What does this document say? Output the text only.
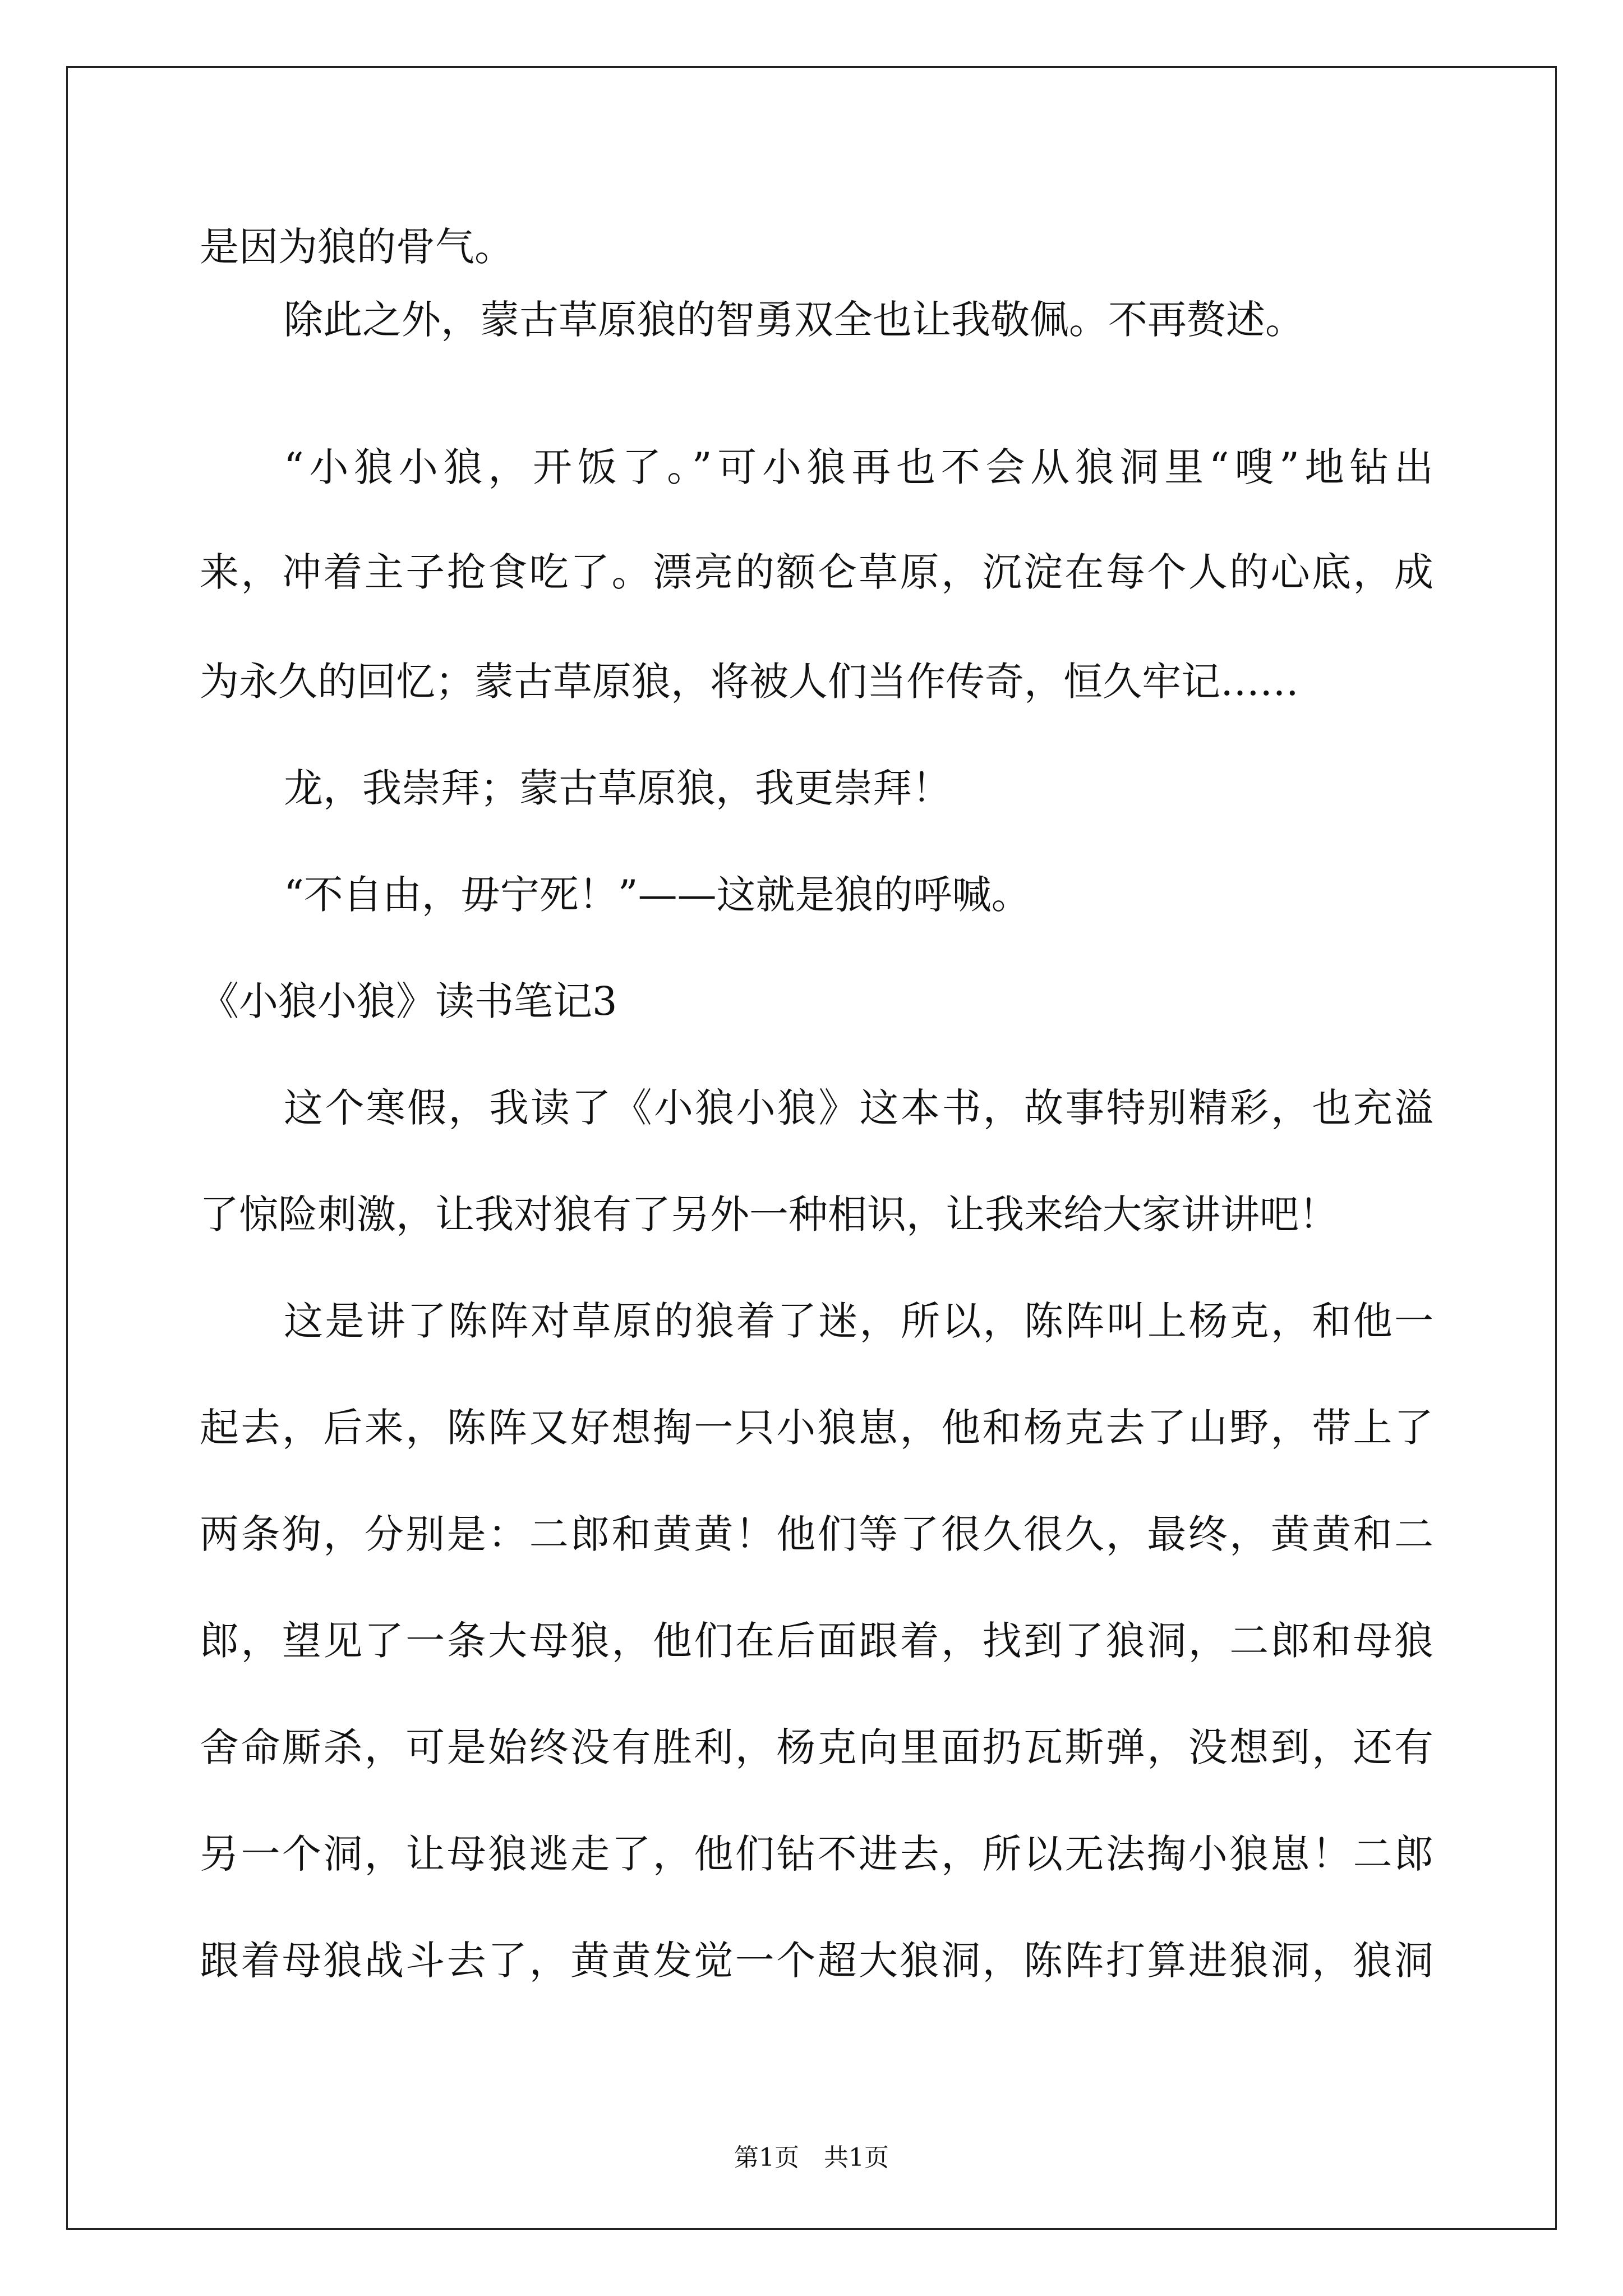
是因为狼的骨气。
除此之外，蒙古草原狼的智勇双全也让我敬佩。不再赘述。
“小狼小狼，开饭了。”可小狼再也不会从狼洞里“嗖”地钻出
来，冲着主子抢食吃了。漂亮的额仑草原，沉淀在每个人的心底，成
为永久的回忆；蒙古草原狼，将被人们当作传奇，恒久牢记……
龙，我崇拜；蒙古草原狼，我更崇拜！
“不自由，毋宁死！”——这就是狼的呼喊。
《小狼小狼》读书笔记3
这个寒假，我读了《小狼小狼》这本书，故事特别精彩，也充溢
了惊险刺激，让我对狼有了另外一种相识，让我来给大家讲讲吧！
这是讲了陈阵对草原的狼着了迷，所以，陈阵叫上杨克，和他一
起去，后来，陈阵又好想掏一只小狼崽，他和杨克去了山野，带上了
两条狗，分别是：二郎和黄黄！他们等了很久很久，最终，黄黄和二
郎，望见了一条大母狼，他们在后面跟着，找到了狼洞，二郎和母狼
舍命厮杀，可是始终没有胜利，杨克向里面扔瓦斯弹，没想到，还有
另一个洞，让母狼逃走了，他们钻不进去，所以无法掏小狼崽！二郎
跟着母狼战斗去了，黄黄发觉一个超大狼洞，陈阵打算进狼洞，狼洞
第1页　共1页
